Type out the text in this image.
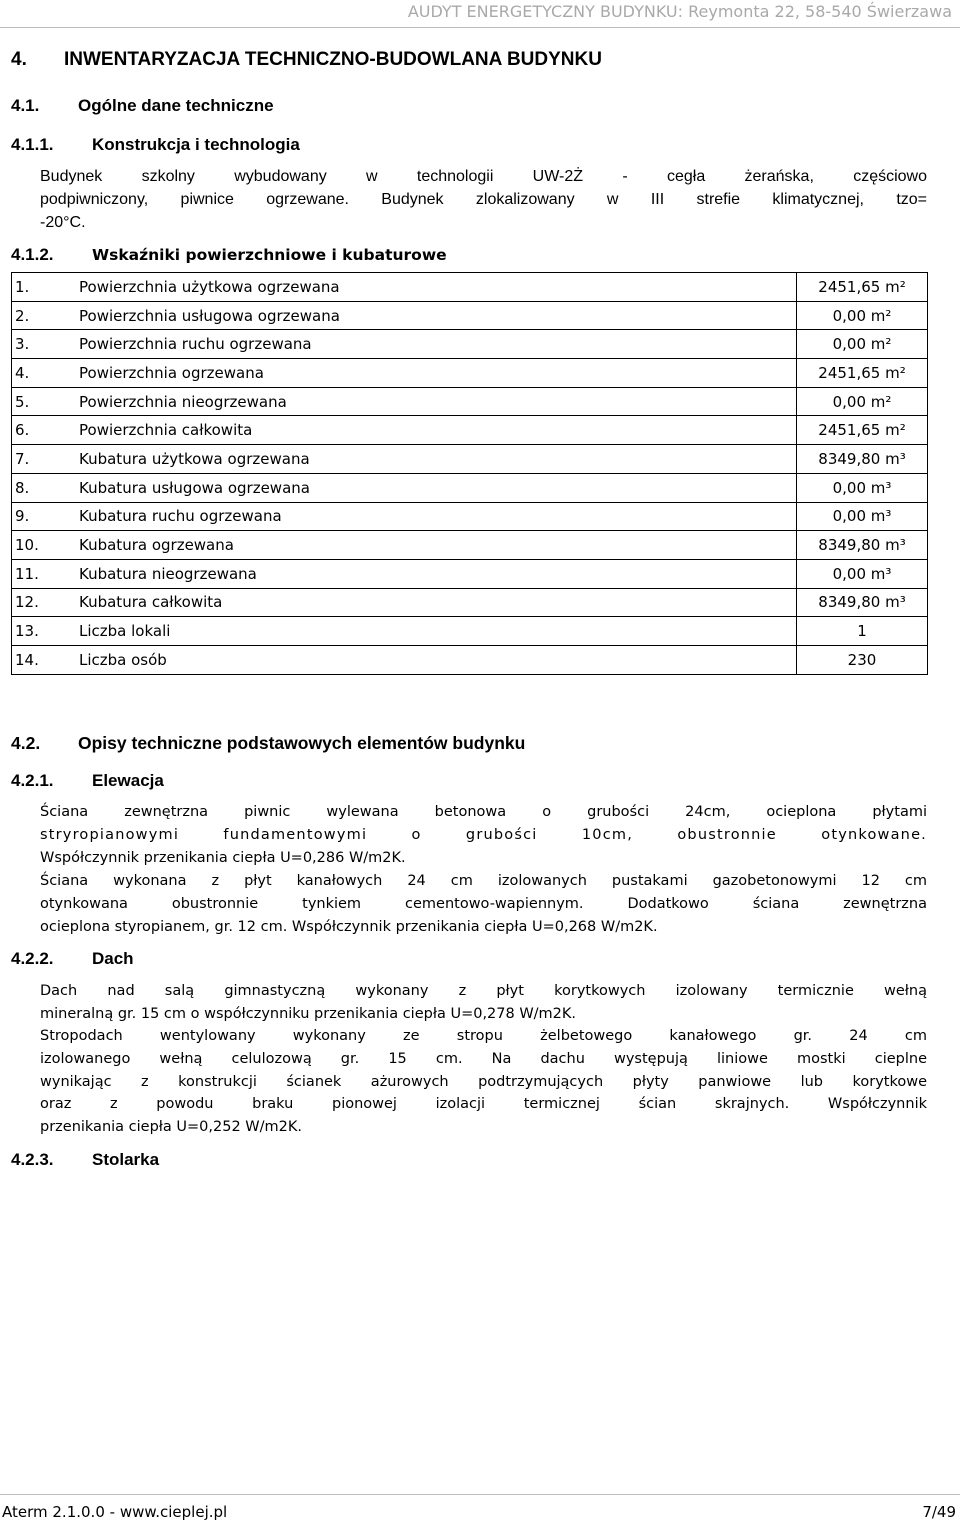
AUDYT ENERGETYCZNY BUDYNKU: Reymonta 22, 58-540 Świerzawa
4. INWENTARYZACJA TECHNICZNO-BUDOWLANA BUDYNKU
4.1. Ogólne dane techniczne
4.1.1. Konstrukcja i technologia
Budynek szkolny wybudowany w technologii UW-2Ż - cegła żerańska, częściowo
podpiwniczony, piwnice ogrzewane. Budynek zlokalizowany w III strefie klimatycznej, tzo=
-20°C.
4.1.2. Wskaźniki powierzchniowe i kubaturowe
1.	Powierzchnia użytkowa ogrzewana	2451,65 m²
2.	Powierzchnia usługowa ogrzewana	0,00 m²
3.	Powierzchnia ruchu ogrzewana	0,00 m²
4.	Powierzchnia ogrzewana	2451,65 m²
5.	Powierzchnia nieogrzewana	0,00 m²
6.	Powierzchnia całkowita	2451,65 m²
7.	Kubatura użytkowa ogrzewana	8349,80 m³
8.	Kubatura usługowa ogrzewana	0,00 m³
9.	Kubatura ruchu ogrzewana	0,00 m³
10.	Kubatura ogrzewana	8349,80 m³
11.	Kubatura nieogrzewana	0,00 m³
12.	Kubatura całkowita	8349,80 m³
13.	Liczba lokali	1
14.	Liczba osób	230
4.2. Opisy techniczne podstawowych elementów budynku
4.2.1. Elewacja
Ściana zewnętrzna piwnic wylewana betonowa o grubości 24cm, ocieplona płytami
stryropianowymi fundamentowymi o grubości 10cm, obustronnie otynkowane.
Współczynnik przenikania ciepła U=0,286 W/m2K.
Ściana wykonana z płyt kanałowych 24 cm izolowanych pustakami gazobetonowymi 12 cm
otynkowana obustronnie tynkiem cementowo-wapiennym. Dodatkowo ściana zewnętrzna
ocieplona styropianem, gr. 12 cm. Współczynnik przenikania ciepła U=0,268 W/m2K.
4.2.2. Dach
Dach nad salą gimnastyczną wykonany z płyt korytkowych izolowany termicznie wełną
mineralną gr. 15 cm o współczynniku przenikania ciepła U=0,278 W/m2K.
Stropodach wentylowany wykonany ze stropu żelbetowego kanałowego gr. 24 cm
izolowanego wełną celulozową gr. 15 cm. Na dachu występują liniowe mostki cieplne
wynikając z konstrukcji ścianek ażurowych podtrzymujących płyty panwiowe lub korytkowe
oraz z powodu braku pionowej izolacji termicznej ścian skrajnych. Współczynnik
przenikania ciepła U=0,252 W/m2K.
4.2.3. Stolarka
Aterm 2.1.0.0 - www.cieplej.pl	7/49
